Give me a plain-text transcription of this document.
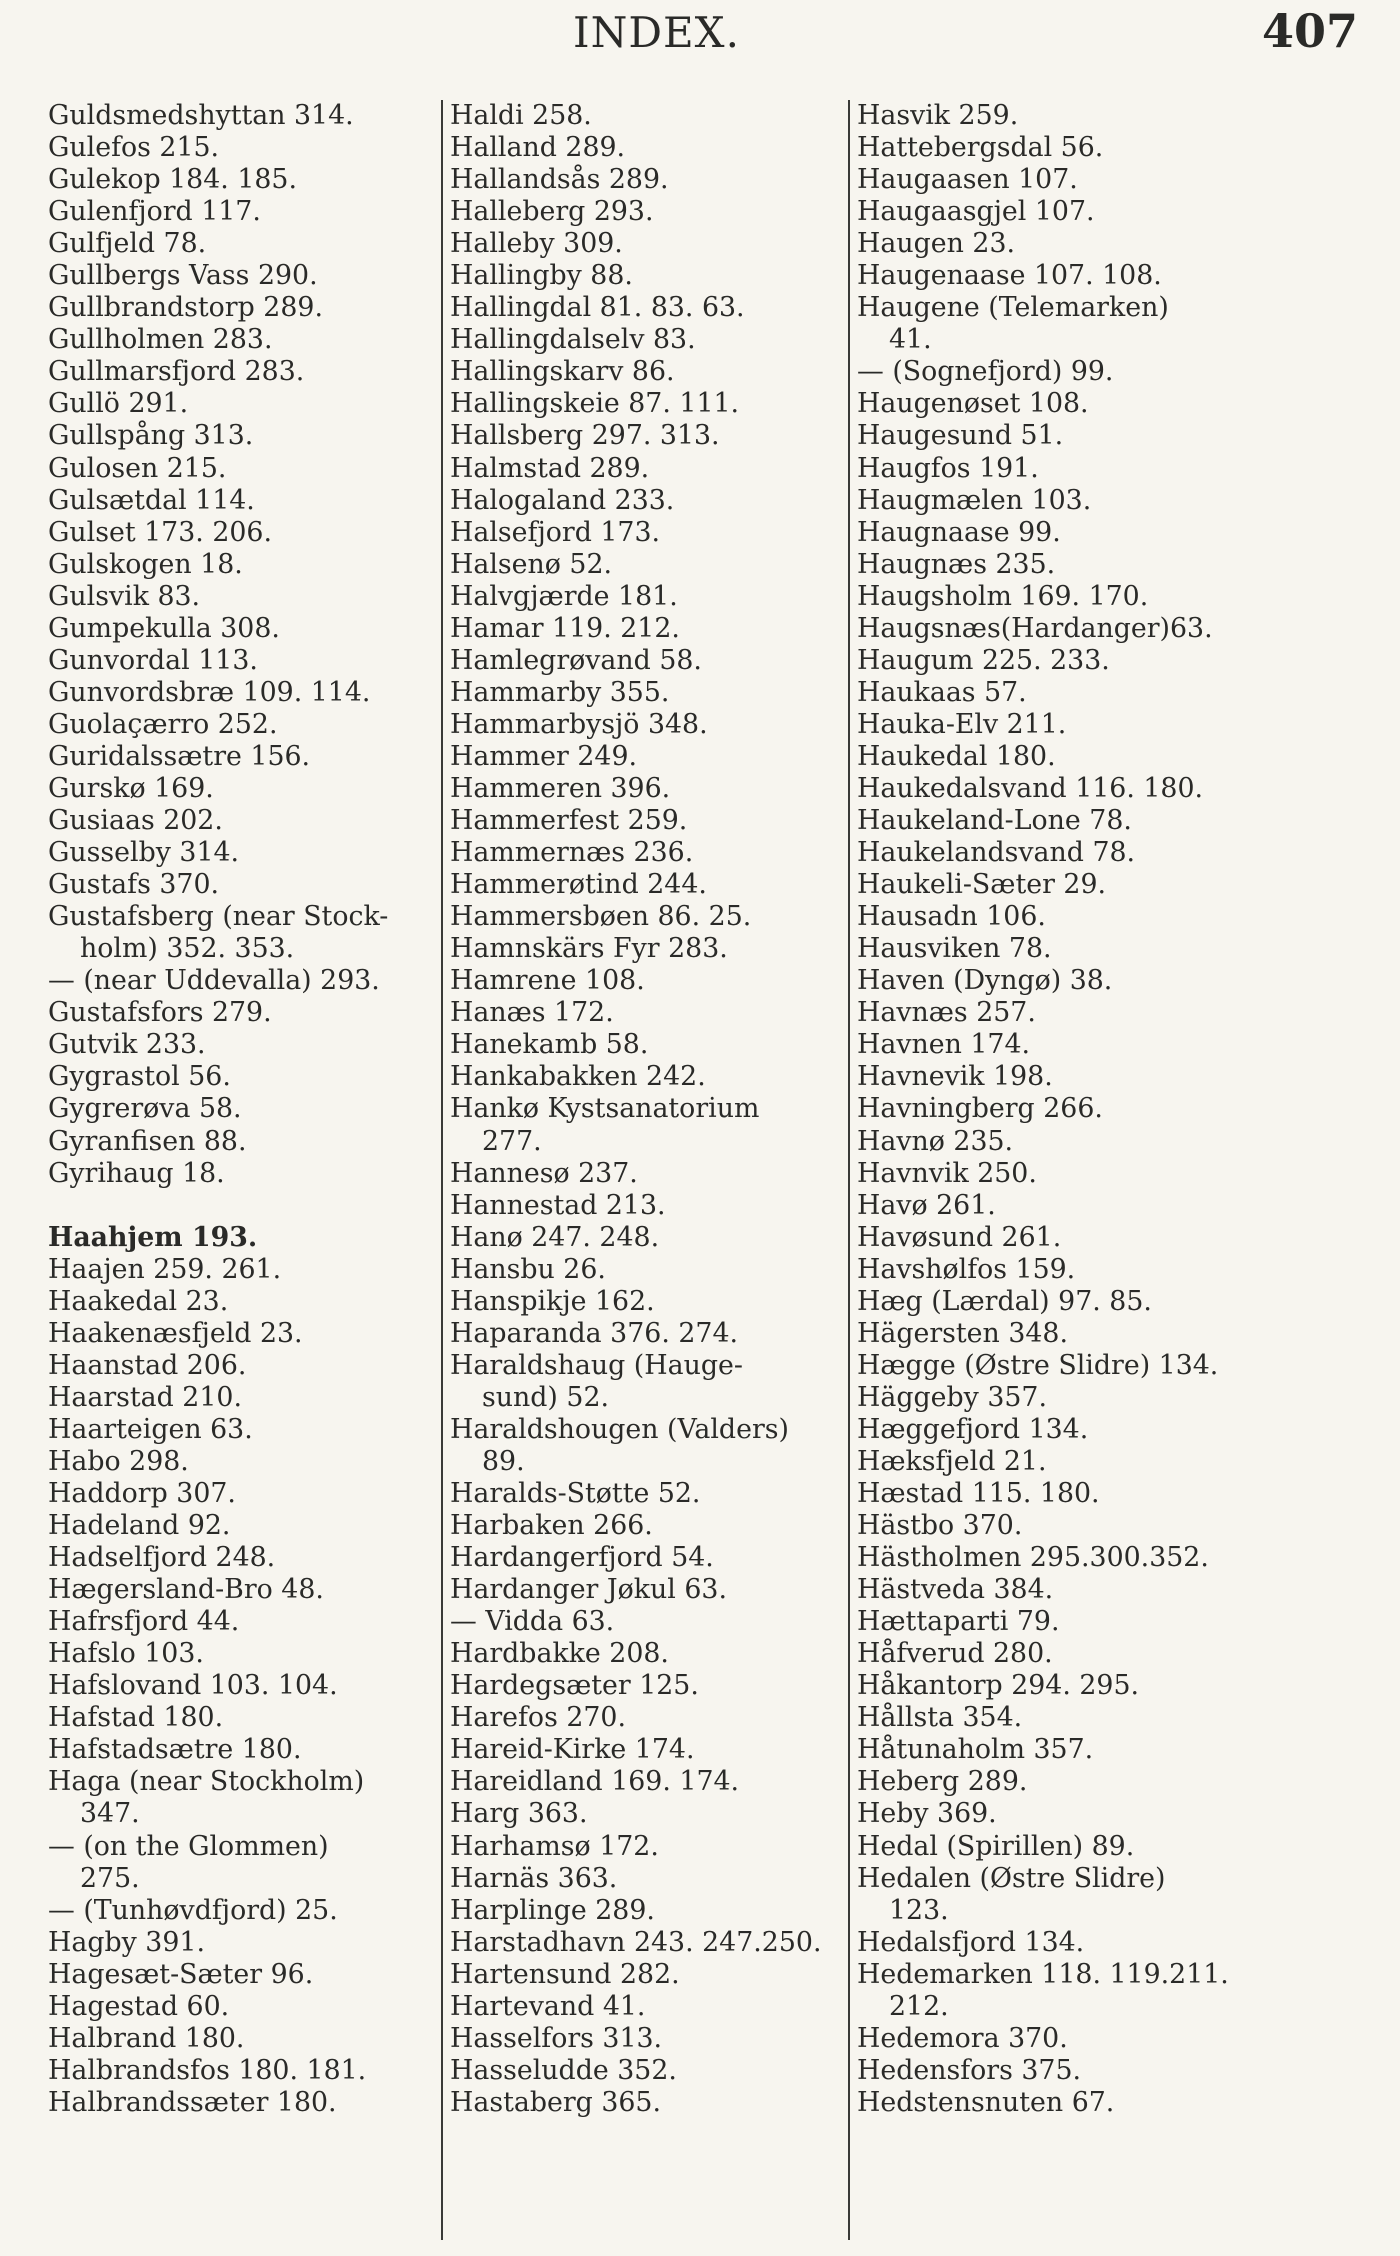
INDEX.	407
Guldsmedshyttan 314.
Gulefos 215.
Gulekop 184. 185.
Gulenfjord 117.
Gulfjeld 78.
Gullbergs Vass 290.
Gullbrandstorp 289.
Gullholmen 283.
Gullmarsfjord 283.
Gullö 291.
Gullspång 313.
Gulosen 215.
Gulsætdal 114.
Gulset 173. 206.
Gulskogen 18.
Gulsvik 83.
Gumpekulla 308.
Gunvordal 113.
Gunvordsbræ 109. 114.
Guolaçærro 252.
Guridalssætre 156.
Gurskø 169.
Gusiaas 202.
Gusselby 314.
Gustafs 370.
Gustafsberg (near Stock-
holm) 352. 353.
— (near Uddevalla) 293.
Gustafsfors 279.
Gutvik 233.
Gygrastol 56.
Gygrerøva 58.
Gyranfisen 88.
Gyrihaug 18.
Haahjem 193.
Haajen 259. 261.
Haakedal 23.
Haakenæsfjeld 23.
Haanstad 206.
Haarstad 210.
Haarteigen 63.
Habo 298.
Haddorp 307.
Hadeland 92.
Hadselfjord 248.
Hægersland-Bro 48.
Hafrsfjord 44.
Hafslo 103.
Hafslovand 103. 104.
Hafstad 180.
Hafstadsætre 180.
Haga (near Stockholm)
347.
— (on the Glommen)
275.
— (Tunhøvdfjord) 25.
Hagby 391.
Hagesæt-Sæter 96.
Hagestad 60.
Halbrand 180.
Halbrandsfos 180. 181.
Halbrandssæter 180.
Haldi 258.
Halland 289.
Hallandsås 289.
Halleberg 293.
Halleby 309.
Hallingby 88.
Hallingdal 81. 83. 63.
Hallingdalselv 83.
Hallingskarv 86.
Hallingskeie 87. 111.
Hallsberg 297. 313.
Halmstad 289.
Halogaland 233.
Halsefjord 173.
Halsenø 52.
Halvgjærde 181.
Hamar 119. 212.
Hamlegrøvand 58.
Hammarby 355.
Hammarbysjö 348.
Hammer 249.
Hammeren 396.
Hammerfest 259.
Hammernæs 236.
Hammerøtind 244.
Hammersbøen 86. 25.
Hamnskärs Fyr 283.
Hamrene 108.
Hanæs 172.
Hanekamb 58.
Hankabakken 242.
Hankø Kystsanatorium
277.
Hannesø 237.
Hannestad 213.
Hanø 247. 248.
Hansbu 26.
Hanspikje 162.
Haparanda 376. 274.
Haraldshaug (Hauge-
sund) 52.
Haraldshougen (Valders)
89.
Haralds-Støtte 52.
Harbaken 266.
Hardangerfjord 54.
Hardanger Jøkul 63.
— Vidda 63.
Hardbakke 208.
Hardegsæter 125.
Harefos 270.
Hareid-Kirke 174.
Hareidland 169. 174.
Harg 363.
Harhamsø 172.
Harnäs 363.
Harplinge 289.
Harstadhavn 243. 247.250.
Hartensund 282.
Hartevand 41.
Hasselfors 313.
Hasseludde 352.
Hastaberg 365.
Hasvik 259.
Hattebergsdal 56.
Haugaasen 107.
Haugaasgjel 107.
Haugen 23.
Haugenaase 107. 108.
Haugene (Telemarken)
41.
— (Sognefjord) 99.
Haugenøset 108.
Haugesund 51.
Haugfos 191.
Haugmælen 103.
Haugnaase 99.
Haugnæs 235.
Haugsholm 169. 170.
Haugsnæs(Hardanger)63.
Haugum 225. 233.
Haukaas 57.
Hauka-Elv 211.
Haukedal 180.
Haukedalsvand 116. 180.
Haukeland-Lone 78.
Haukelandsvand 78.
Haukeli-Sæter 29.
Hausadn 106.
Hausviken 78.
Haven (Dyngø) 38.
Havnæs 257.
Havnen 174.
Havnevik 198.
Havningberg 266.
Havnø 235.
Havnvik 250.
Havø 261.
Havøsund 261.
Havshølfos 159.
Hæg (Lærdal) 97. 85.
Hägersten 348.
Hægge (Østre Slidre) 134.
Häggeby 357.
Hæggefjord 134.
Hæksfjeld 21.
Hæstad 115. 180.
Hästbo 370.
Hästholmen 295.300.352.
Hästveda 384.
Hættaparti 79.
Håfverud 280.
Håkantorp 294. 295.
Hållsta 354.
Håtunaholm 357.
Heberg 289.
Heby 369.
Hedal (Spirillen) 89.
Hedalen (Østre Slidre)
123.
Hedalsfjord 134.
Hedemarken 118. 119.211.
212.
Hedemora 370.
Hedensfors 375.
Hedstensnuten 67.
